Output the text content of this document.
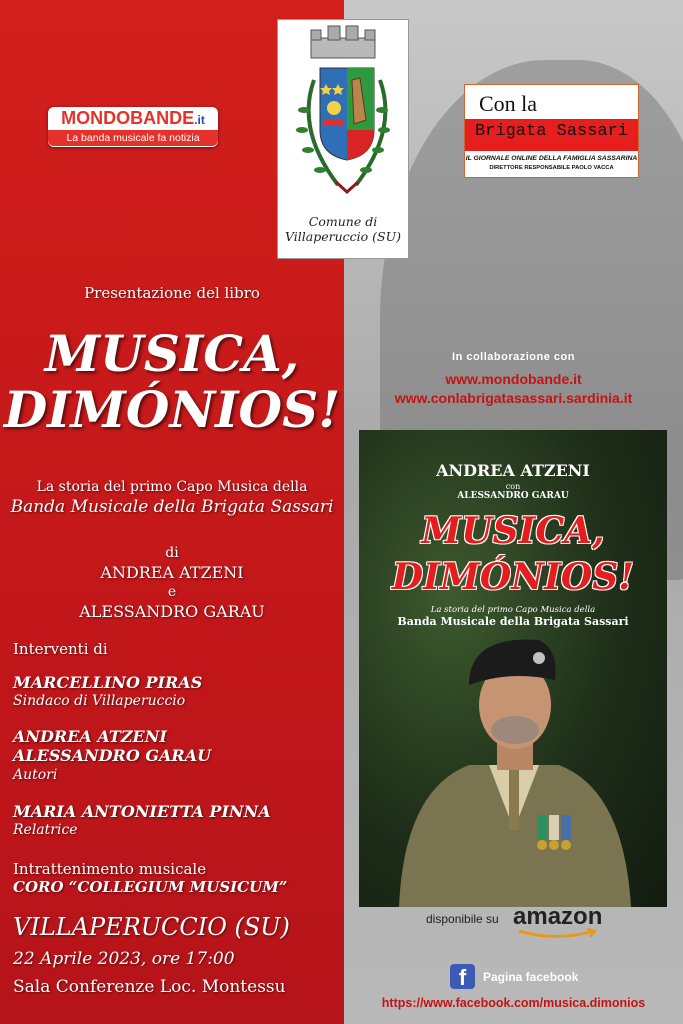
MONDOBANDE.it
La banda musicale fa notizia
Comune di
Villaperuccio (SU)
Con la
Brigata Sassari
IL GIORNALE ONLINE DELLA FAMIGLIA SASSARINA
DIRETTORE RESPONSABILE PAOLO VACCA
Presentazione del libro
MUSICA,
DIMÓNIOS!
La storia del primo Capo Musica della
Banda Musicale della Brigata Sassari
di
ANDREA ATZENI
e
ALESSANDRO GARAU
Interventi di
MARCELLINO PIRAS
Sindaco di Villaperuccio
ANDREA ATZENI
ALESSANDRO GARAU
Autori
MARIA ANTONIETTA PINNA
Relatrice
Intrattenimento musicale
CORO “COLLEGIUM MUSICUM”
VILLAPERUCCIO (SU)
22 Aprile 2023, ore 17:00
Sala Conferenze Loc. Montessu
In collaborazione con
www.mondobande.it
www.conlabrigatasassari.sardinia.it
ANDREA ATZENI
con
ALESSANDRO GARAU
MUSICA,
DIMÓNIOS!
La storia del primo Capo Musica della
Banda Musicale della Brigata Sassari
disponibile su amazon
f	Pagina facebook
https://www.facebook.com/musica.dimonios
